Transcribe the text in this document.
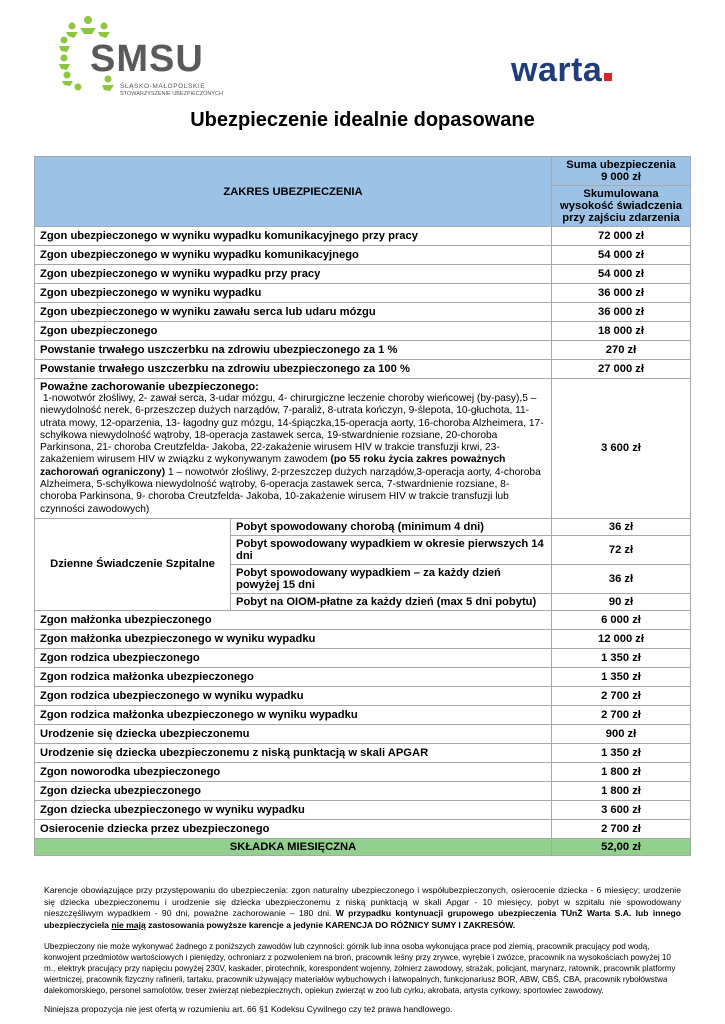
SMSU
ŚLĄSKO-MAŁOPOLSKIE
STOWARZYSZENIE UBEZPIECZONYCH
warta
Ubezpieczenie idealnie dopasowane
ZAKRES UBEZPIECZENIA		Suma ubezpieczenia
9 000 zł
		Skumulowana wysokość świadczenia przy zajściu zdarzenia
Zgon ubezpieczonego w wyniku wypadku komunikacyjnego przy pracy		72 000 zł
Zgon ubezpieczonego w wyniku wypadku komunikacyjnego		54 000 zł
Zgon ubezpieczonego w wyniku wypadku przy pracy		54 000 zł
Zgon ubezpieczonego w wyniku wypadku		36 000 zł
Zgon ubezpieczonego w wyniku zawału serca lub udaru mózgu		36 000 zł
Zgon ubezpieczonego		18 000 zł
Powstanie trwałego uszczerbku na zdrowiu ubezpieczonego za 1 %		270 zł
Powstanie trwałego uszczerbku na zdrowiu ubezpieczonego za 100 %		27 000 zł
Poważne zachorowanie ubezpieczonego:
1-nowotwór złośliwy, 2- zawał serca, 3-udar mózgu, 4- chirurgiczne leczenie choroby wieńcowej (by-pasy),5 – niewydolność nerek, 6-przeszczep dużych narządów, 7-paraliż, 8-utrata kończyn, 9-ślepota, 10-głuchota, 11-utrata mowy, 12-oparzenia, 13- łagodny guz mózgu, 14-śpiączka,15-operacja aorty, 16-choroba Alzheimera, 17- schyłkowa niewydolność wątroby, 18-operacja zastawek serca, 19-stwardnienie rozsiane, 20-choroba Parkinsona, 21- choroba Creutzfelda- Jakoba, 22-zakażenie wirusem HIV w trakcie transfuzji krwi, 23-zakażeniem wirusem HIV w związku z wykonywanym zawodem (po 55 roku życia zakres poważnych zachorowań ograniczony) 1 – nowotwór złośliwy, 2-przeszczep dużych narządów,3-operacja aorty, 4-choroba Alzheimera, 5-schyłkowa niewydolność wątroby, 6-operacja zastawek serca, 7-stwardnienie rozsiane, 8-choroba Parkinsona, 9- choroba Creutzfelda- Jakoba, 10-zakażenie wirusem HIV w trakcie transfuzji lub czynności zawodowych)		3 600 zł
Dzienne Świadczenie Szpitalne	Pobyt spowodowany chorobą (minimum 4 dni)	36 zł
	Pobyt spowodowany wypadkiem w okresie pierwszych 14 dni	72 zł
	Pobyt spowodowany wypadkiem – za każdy dzień powyżej 15 dni	36 zł
	Pobyt na OIOM-płatne za każdy dzień (max 5 dni pobytu)	90 zł
Zgon małżonka ubezpieczonego		6 000 zł
Zgon małżonka ubezpieczonego w wyniku wypadku		12 000 zł
Zgon rodzica ubezpieczonego		1 350 zł
Zgon rodzica małżonka ubezpieczonego		1 350 zł
Zgon rodzica ubezpieczonego w wyniku wypadku		2 700 zł
Zgon rodzica małżonka ubezpieczonego w wyniku wypadku		2 700 zł
Urodzenie się dziecka ubezpieczonemu		900 zł
Urodzenie się dziecka ubezpieczonemu z niską punktacją w skali APGAR		1 350 zł
Zgon noworodka ubezpieczonego		1 800 zł
Zgon dziecka ubezpieczonego		1 800 zł
Zgon dziecka ubezpieczonego w wyniku wypadku		3 600 zł
Osierocenie dziecka przez ubezpieczonego		2 700 zł
SKŁADKA MIESIĘCZNA		52,00 zł

Karencje obowiązujące przy przystępowaniu do ubezpieczenia: zgon naturalny ubezpieczonego i współubezpieczonych, osierocenie dziecka - 6 miesięcy; urodzenie się dziecka ubezpieczonemu i urodzenie się dziecka ubezpieczonemu z niską punktacją w skali Apgar - 10 miesięcy, pobyt w szpitalu nie spowodowany nieszczęśliwym wypadkiem - 90 dni, poważne zachorowanie – 180 dni. W przypadku kontynuacji grupowego ubezpieczenia TUnŻ Warta S.A. lub innego ubezpieczyciela nie mają zastosowania powyższe karencje a jedynie KARENCJA DO RÓŻNICY SUMY I ZAKRESÓW.

Ubezpieczony nie może wykonywać żadnego z poniższych zawodów lub czynności: górnik lub inna osoba wykonująca prace pod ziemią, pracownik pracujący pod wodą, konwojent przedmiotów wartościowych i pieniędzy, ochroniarz z pozwoleniem na broń, pracownik leśny przy zrywce, wyrębie i zwózce, pracownik na wysokościach powyżej 10 m., elektryk pracujący przy napięciu powyżej 230V, kaskader, pirotechnik, korespondent wojenny, żołnierz zawodowy, strażak, policjant, marynarz, ratownik, pracownik platformy wiertniczej, pracownik fizyczny rafinerii, tartaku, pracownik używający materiałów wybuchowych i łatwopalnych, funkcjonariusz BOR, ABW, CBŚ, CBA, pracownik rybołówstwa dalekomorskiego, personel samolotów, treser zwierząt niebezpiecznych, opiekun zwierząt w zoo lub cyrku, akrobata, artysta cyrkowy, sportowiec zawodowy.

Niniejsza propozycja nie jest ofertą w rozumieniu art. 66 §1 Kodeksu Cywilnego czy też prawa handlowego.
